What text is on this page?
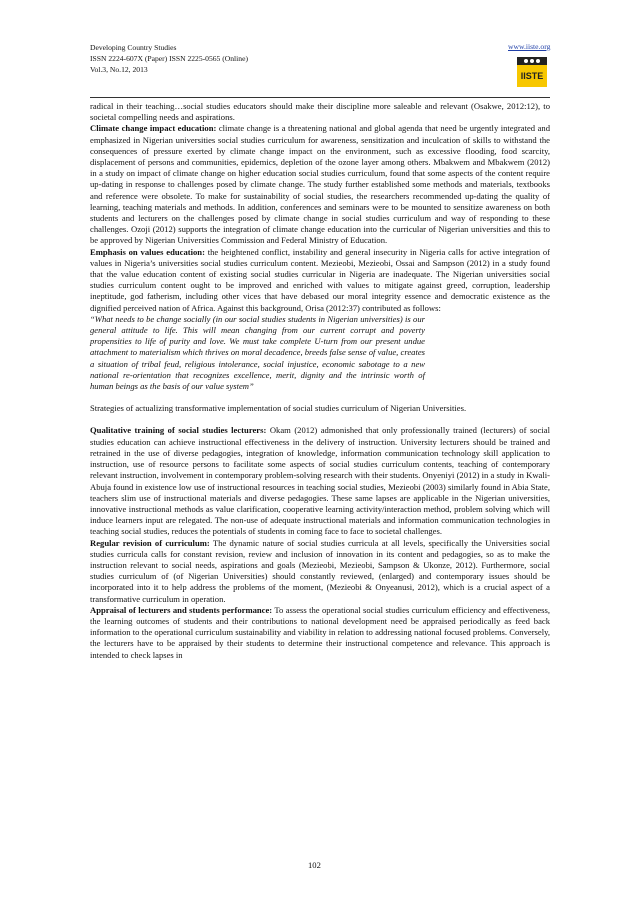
Developing Country Studies
ISSN 2224-607X (Paper) ISSN 2225-0565 (Online)
Vol.3, No.12, 2013
www.iiste.org
IISTE

radical in their teaching…social studies educators should make their discipline more saleable and relevant (Osakwe, 2012:12), to societal compelling needs and aspirations.

Climate change impact education: climate change is a threatening national and global agenda that need be urgently integrated and emphasized in Nigerian universities social studies curriculum for awareness, sensitization and inculcation of skills to withstand the consequences of pressure exerted by climate change impact on the environment, such as excessive flooding, food scarcity, displacement of persons and communities, epidemics, depletion of the ozone layer among others. Mbakwem and Mbakwem (2012) in a study on impact of climate change on higher education social studies curriculum, found that some aspects of the content require up-dating in response to challenges posed by climate change. The study further established some methods and materials, textbooks and reference were obsolete. To make for sustainability of social studies, the researchers recommended up-dating the quality of learning, teaching materials and methods. In addition, conferences and seminars were to be mounted to sensitize awareness on both students and lecturers on the challenges posed by climate change in social studies curriculum and way of responding to these challenges. Ozoji (2012) supports the integration of climate change education into the curricular of Nigerian universities and this to be approved by Nigerian Universities Commission and Federal Ministry of Education.

Emphasis on values education: the heightened conflict, instability and general insecurity in Nigeria calls for active integration of values in Nigeria’s universities social studies curriculum content. Mezieobi, Mezieobi, Ossai and Sampson (2012) in a study found that the value education content of existing social studies curricular in Nigeria are inadequate. The Nigerian universities social studies curriculum content ought to be improved and enriched with values to mitigate against greed, corruption, leadership ineptitude, god fatherism, including other vices that have debased our moral integrity essence and democratic existence as the dignified perceived nation of Africa. Against this background, Orisa (2012:37) contributed as follows:

“What needs to be change socially (in our social studies students in Nigerian universities) is our general attitude to life. This will mean changing from our current corrupt and poverty propensities to life of purity and love. We must take complete U-turn from our present undue attachment to materialism which thrives on moral decadence, breeds false sense of value, creates a situation of tribal feud, religious intolerance, social injustice, economic sabotage to a new national re-orientation that recognizes excellence, merit, dignity and the intrinsic worth of human beings as the basis of our value system”

Strategies of actualizing transformative implementation of social studies curriculum of Nigerian Universities.

Qualitative training of social studies lecturers: Okam (2012) admonished that only professionally trained (lecturers) of social studies education can achieve instructional effectiveness in the delivery of instruction. University lecturers should be trained and retrained in the use of diverse pedagogies, integration of knowledge, information communication technology skill application to instruction, use of resource persons to facilitate some aspects of social studies curriculum contents, teaching of contemporary relevant instruction, involvement in contemporary problem-solving research with their students. Onyeniyi (2012) in a study in Kwali-Abuja found in existence low use of instructional resources in teaching social studies, Mezieobi (2003) similarly found in Abia State, teachers slim use of instructional materials and diverse pedagogies. These same lapses are applicable in the Nigerian universities, innovative instructional methods as value clarification, cooperative learning activity/interaction method, problem solving which will induce learners input are relegated. The non-use of adequate instructional materials and information communication technologies in teaching social studies, reduces the potentials of students in coming face to face to societal challenges.

Regular revision of curriculum: The dynamic nature of social studies curricula at all levels, specifically the Universities social studies curricula calls for constant revision, review and inclusion of innovation in its content and pedagogies, so as to make the instruction relevant to social needs, aspirations and goals (Mezieobi, Mezieobi, Sampson & Ukonze, 2012). Furthermore, social studies curriculum of (of Nigerian Universities) should constantly reviewed, (enlarged) and contemporary issues should be incorporated into it to help address the problems of the moment, (Mezieobi & Onyeanusi, 2012), which is a crucial aspect of a transformative curriculum in operation.

Appraisal of lecturers and students performance: To assess the operational social studies curriculum efficiency and effectiveness, the learning outcomes of students and their contributions to national development need be appraised periodically as feed back information to the operational curriculum sustainability and viability in relation to addressing national focused problems. Conversely, the lecturers have to be appraised by their students to determine their instructional competence and relevance. This approach is intended to check lapses in

102
